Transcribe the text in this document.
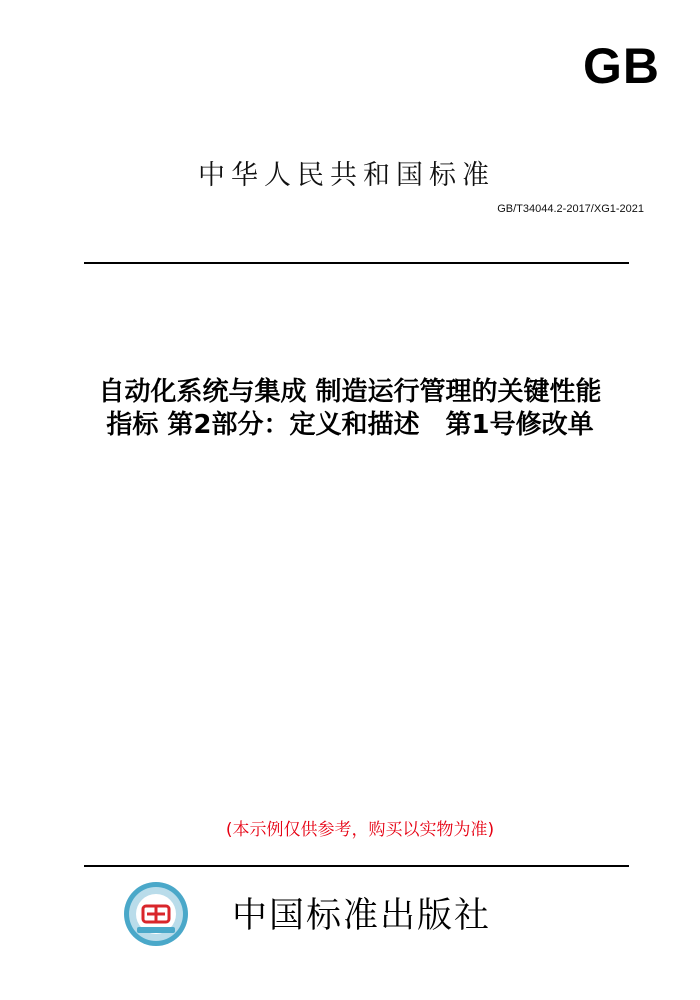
GB
中华人民共和国标准
GB/T34044.2-2017/XG1-2021
自动化系统与集成 制造运行管理的关键性能
指标 第2部分：定义和描述　第1号修改单
(本示例仅供参考，购买以实物为准)
中国标准出版社
